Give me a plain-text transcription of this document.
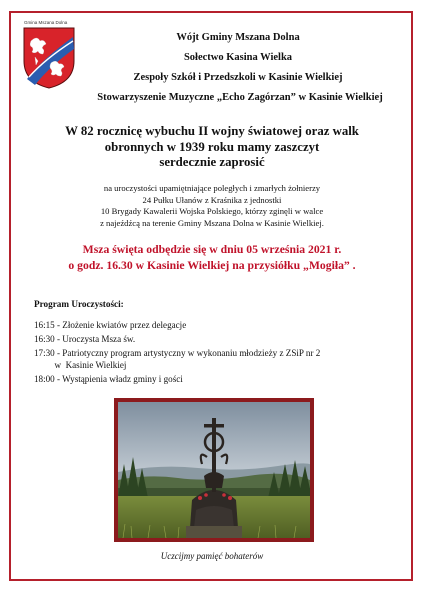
Gmina Mszana Dolna
Wójt Gminy Mszana Dolna
Sołectwo Kasina Wielka
Zespoły Szkół i Przedszkoli w Kasinie Wielkiej
Stowarzyszenie Muzyczne „Echo Zagórzan” w Kasinie Wielkiej
W 82 rocznicę wybuchu II wojny światowej oraz walk
obronnych w 1939 roku mamy zaszczyt
serdecznie zaprosić
na uroczystości upamiętniające poległych i zmarłych żołnierzy
24 Pułku Ułanów z Kraśnika z jednostki
10 Brygady Kawalerii Wojska Polskiego, którzy zginęli w walce
z najeźdźcą na terenie Gminy Mszana Dolna w Kasinie Wielkiej.
Msza święta odbędzie się w dniu 05 września 2021 r.
o godz. 16.30 w Kasinie Wielkiej na przysiółku „Mogiła” .
Program Uroczystości:
16:15 - Złożenie kwiatów przez delegacje
16:30 - Uroczysta Msza św.
17:30 - Patriotyczny program artystyczny w wykonaniu młodzieży z ZSiP nr 2
w  Kasinie Wielkiej
18:00 - Wystąpienia władz gminy i gości
Uczcijmy pamięć bohaterów
